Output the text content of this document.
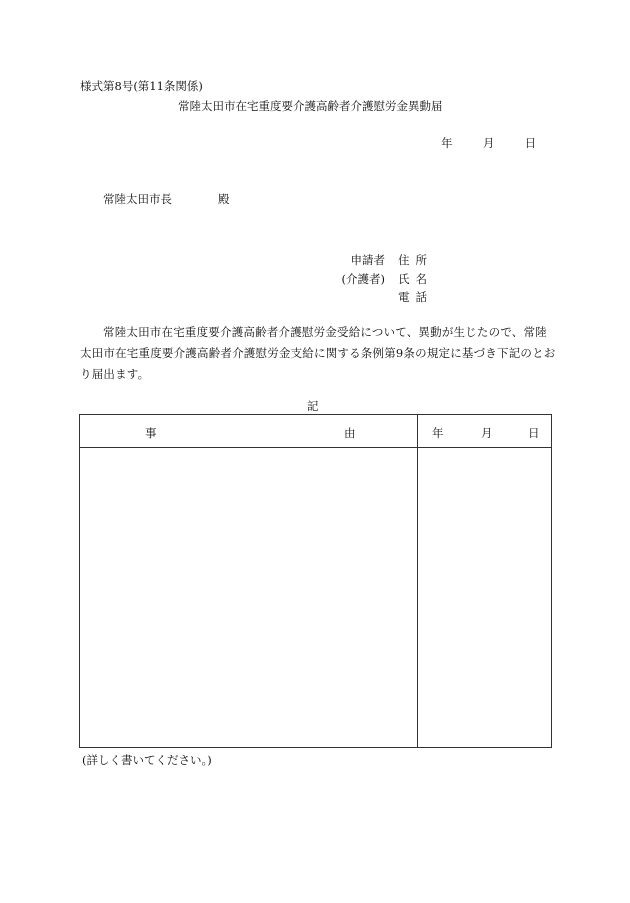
様式第8号(第11条関係)
常陸太田市在宅重度要介護高齢者介護慰労金異動届
年	月	日
常陸太田市長	殿
申請者 住所
(介護者) 氏名
電話
常陸太田市在宅重度要介護高齢者介護慰労金受給について、異動が生じたので、常陸太田市在宅重度要介護高齢者介護慰労金支給に関する条例第9条の規定に基づき下記のとおり届出ます。
記
事 由	年 月 日

(詳しく書いてください。)
